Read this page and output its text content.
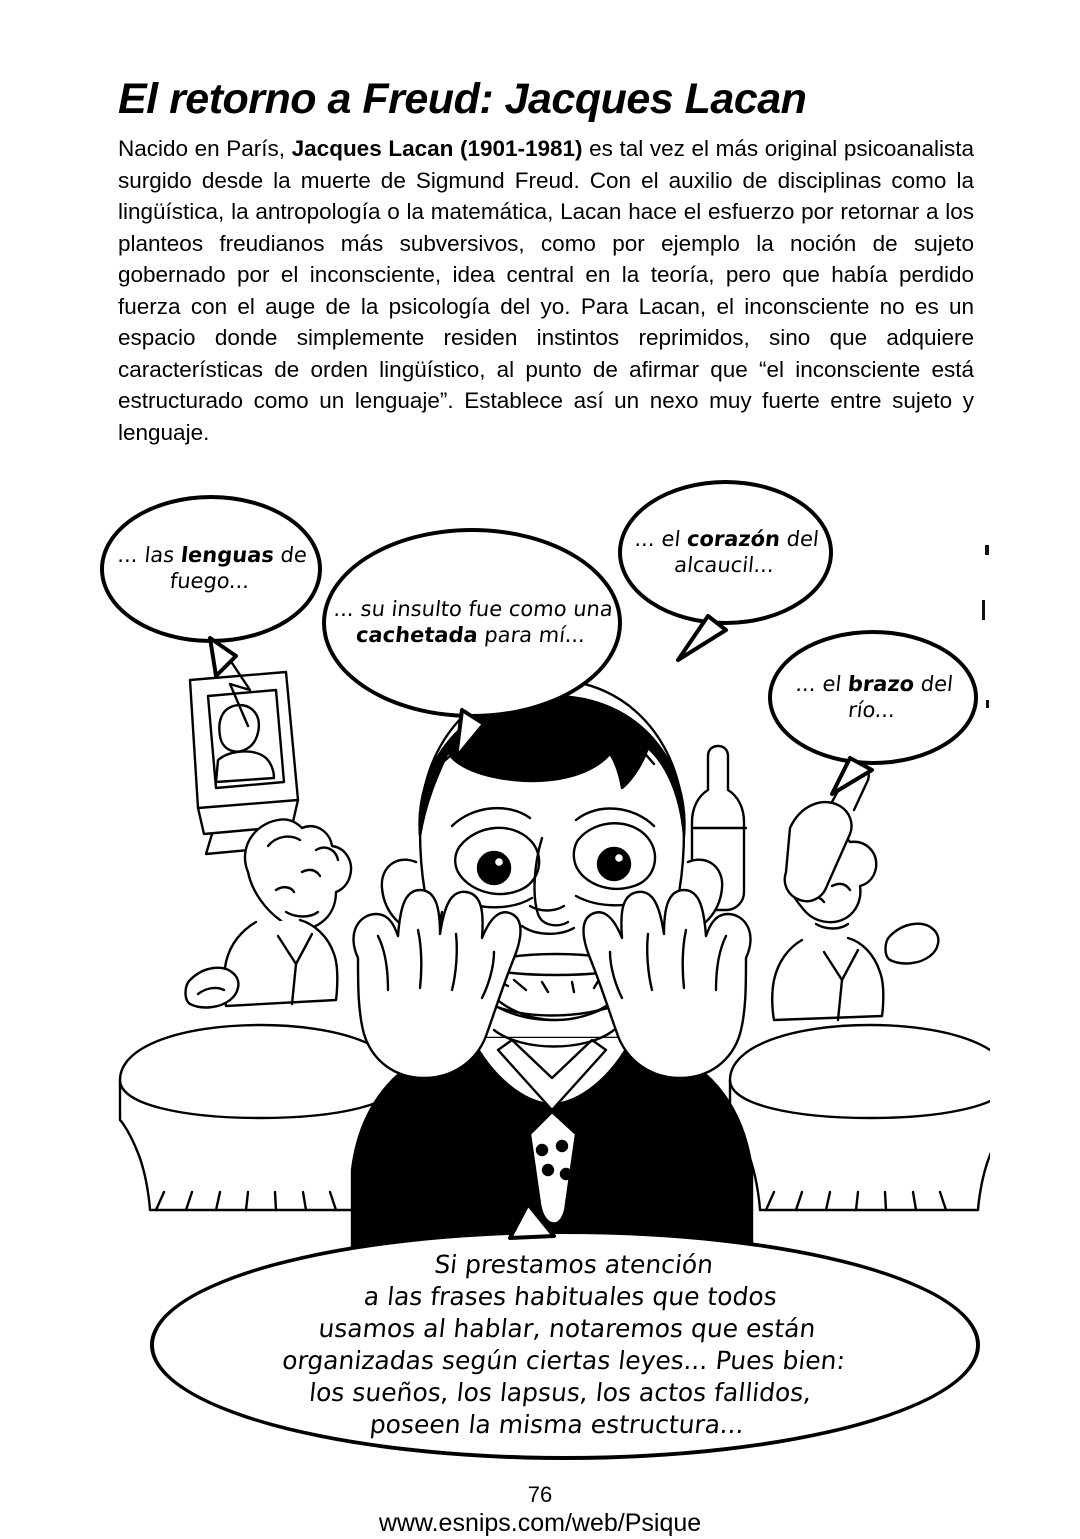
El retorno a Freud: Jacques Lacan
Nacido en París, Jacques Lacan (1901-1981) es tal vez el más original psicoanalista surgido desde la muerte de Sigmund Freud. Con el auxilio de disciplinas como la lingüística, la antropología o la matemática, Lacan hace el esfuerzo por retornar a los planteos freudianos más subversivos, como por ejemplo la noción de sujeto gobernado por el inconsciente, idea central en la teoría, pero que había perdido fuerza con el auge de la psicología del yo. Para Lacan, el inconsciente no es un espacio donde simplemente residen instintos reprimidos, sino que adquiere características de orden lingüístico, al punto de afirmar que “el inconsciente está estructurado como un lenguaje”. Establece así un nexo muy fuerte entre sujeto y lenguaje.
... las lenguas de fuego...
... su insulto fue como una cachetada para mí...
... el corazón del alcaucil...
... el brazo del río...
Si prestamos atención
a las frases habituales que todos
usamos al hablar, notaremos que están
organizadas según ciertas leyes... Pues bien:
los sueños, los lapsus, los actos fallidos,
poseen la misma estructura...
76
www.esnips.com/web/Psique
